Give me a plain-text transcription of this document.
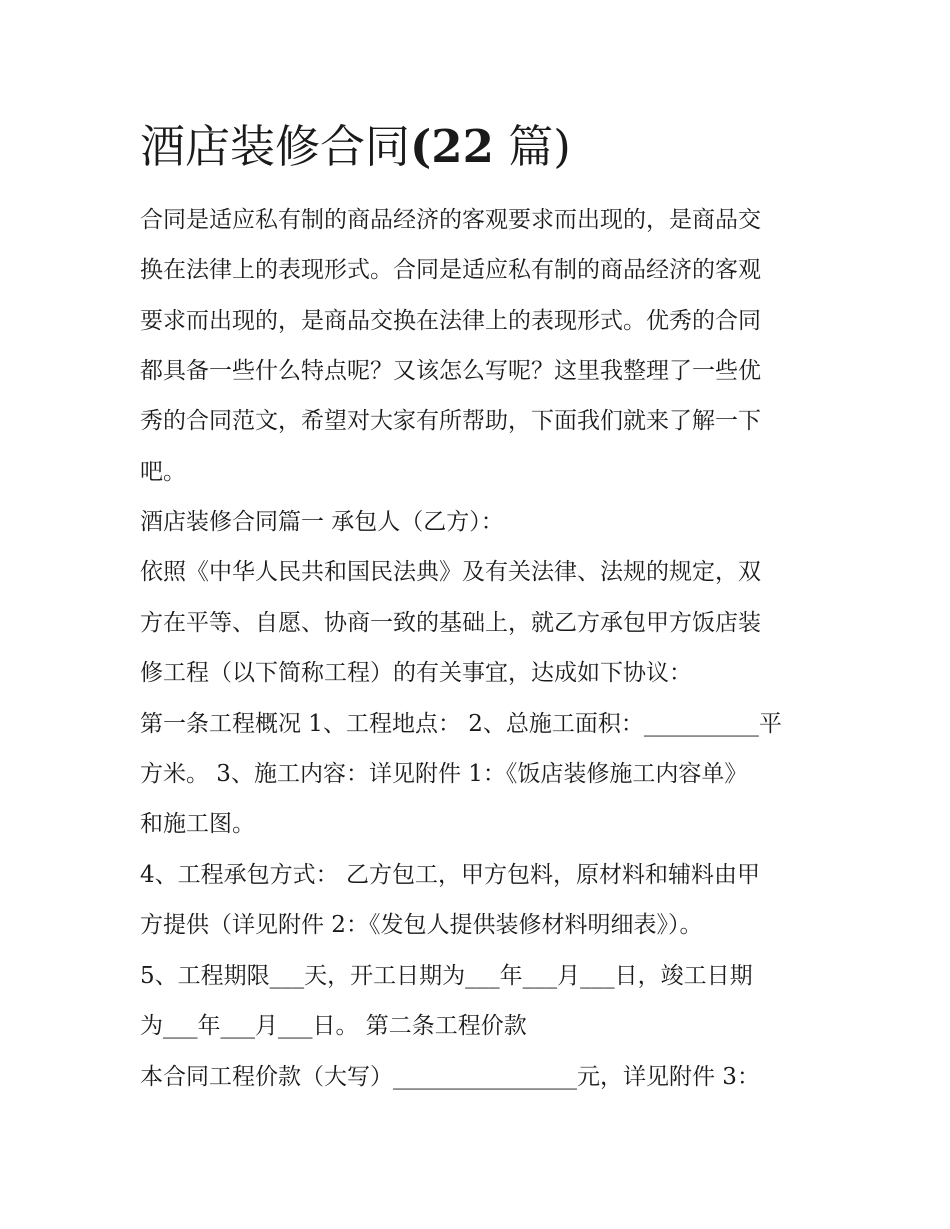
酒店装修合同(22 篇)

合同是适应私有制的商品经济的客观要求而出现的，是商品交

换在法律上的表现形式。合同是适应私有制的商品经济的客观

要求而出现的，是商品交换在法律上的表现形式。优秀的合同

都具备一些什么特点呢？又该怎么写呢？这里我整理了一些优

秀的合同范文，希望对大家有所帮助，下面我们就来了解一下

吧。

酒店装修合同篇一 承包人（乙方）：

依照《中华人民共和国民法典》及有关法律、法规的规定，双

方在平等、自愿、协商一致的基础上，就乙方承包甲方饭店装

修工程（以下简称工程）的有关事宜，达成如下协议：

第一条工程概况 1、工程地点： 2、总施工面积：__________平

方米。 3、施工内容：详见附件 1：《饭店装修施工内容单》

和施工图。

4、工程承包方式： 乙方包工，甲方包料，原材料和辅料由甲

方提供（详见附件 2：《发包人提供装修材料明细表》）。

5、工程期限___天，开工日期为___年___月___日，竣工日期

为___年___月___日。 第二条工程价款

本合同工程价款（大写）________________元，详见附件 3：
